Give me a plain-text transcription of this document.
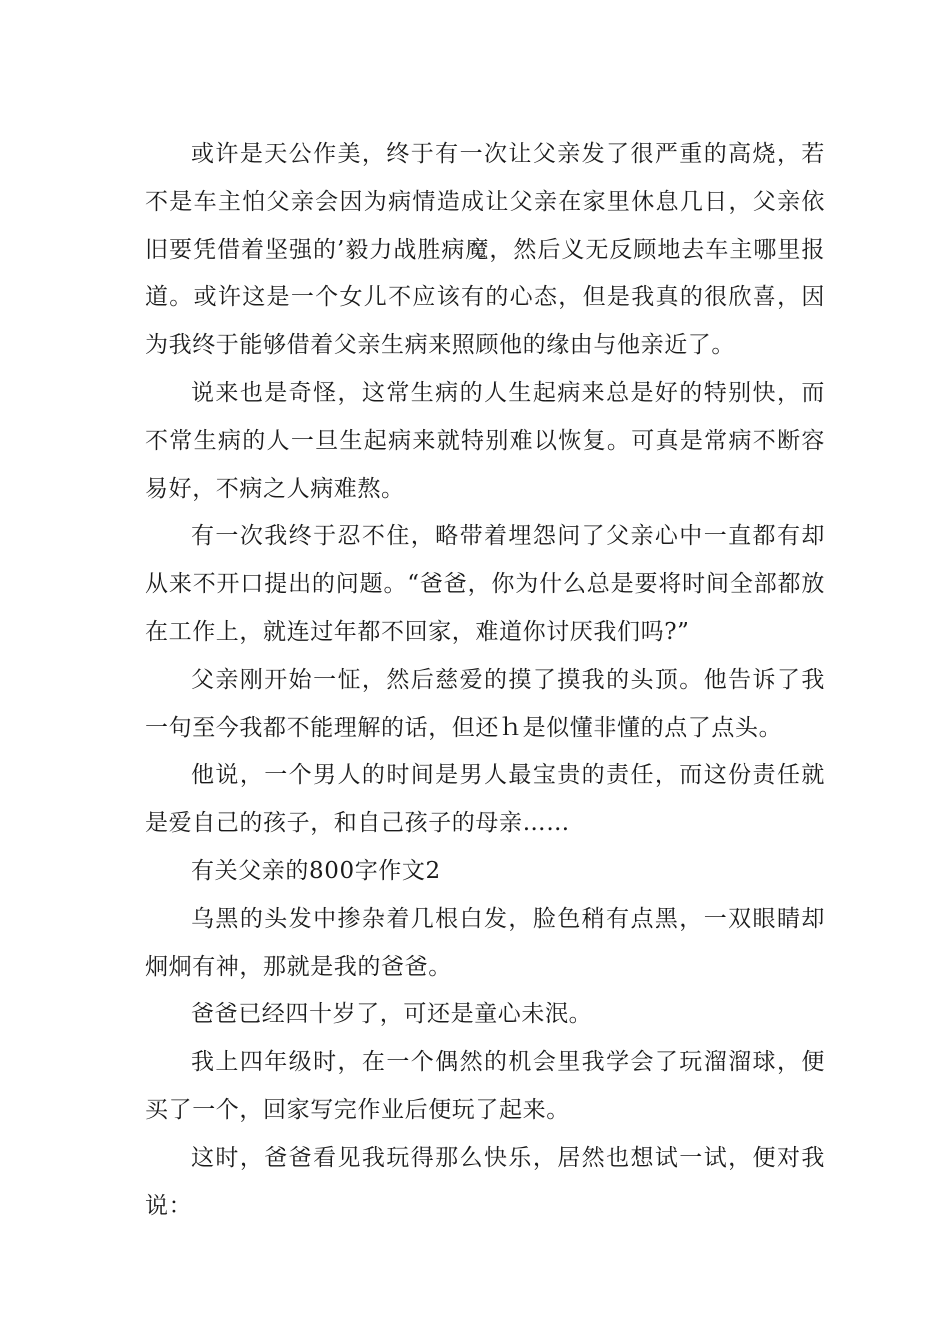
或许是天公作美，终于有一次让父亲发了很严重的高烧，若不是车主怕父亲会因为病情造成让父亲在家里休息几日，父亲依旧要凭借着坚强的’毅力战胜病魔，然后义无反顾地去车主哪里报道。或许这是一个女儿不应该有的心态，但是我真的很欣喜，因为我终于能够借着父亲生病来照顾他的缘由与他亲近了。

说来也是奇怪，这常生病的人生起病来总是好的特别快，而不常生病的人一旦生起病来就特别难以恢复。可真是常病不断容易好，不病之人病难熬。

有一次我终于忍不住，略带着埋怨问了父亲心中一直都有却从来不开口提出的问题。“爸爸，你为什么总是要将时间全部都放在工作上，就连过年都不回家，难道你讨厌我们吗?”

父亲刚开始一怔，然后慈爱的摸了摸我的头顶。他告诉了我一句至今我都不能理解的话，但还ｈ是似懂非懂的点了点头。

他说，一个男人的时间是男人最宝贵的责任，而这份责任就是爱自己的孩子，和自己孩子的母亲……

有关父亲的800字作文2

乌黑的头发中掺杂着几根白发，脸色稍有点黑，一双眼睛却炯炯有神，那就是我的爸爸。

爸爸已经四十岁了，可还是童心未泯。

我上四年级时，在一个偶然的机会里我学会了玩溜溜球，便买了一个，回家写完作业后便玩了起来。

这时，爸爸看见我玩得那么快乐，居然也想试一试，便对我说：
